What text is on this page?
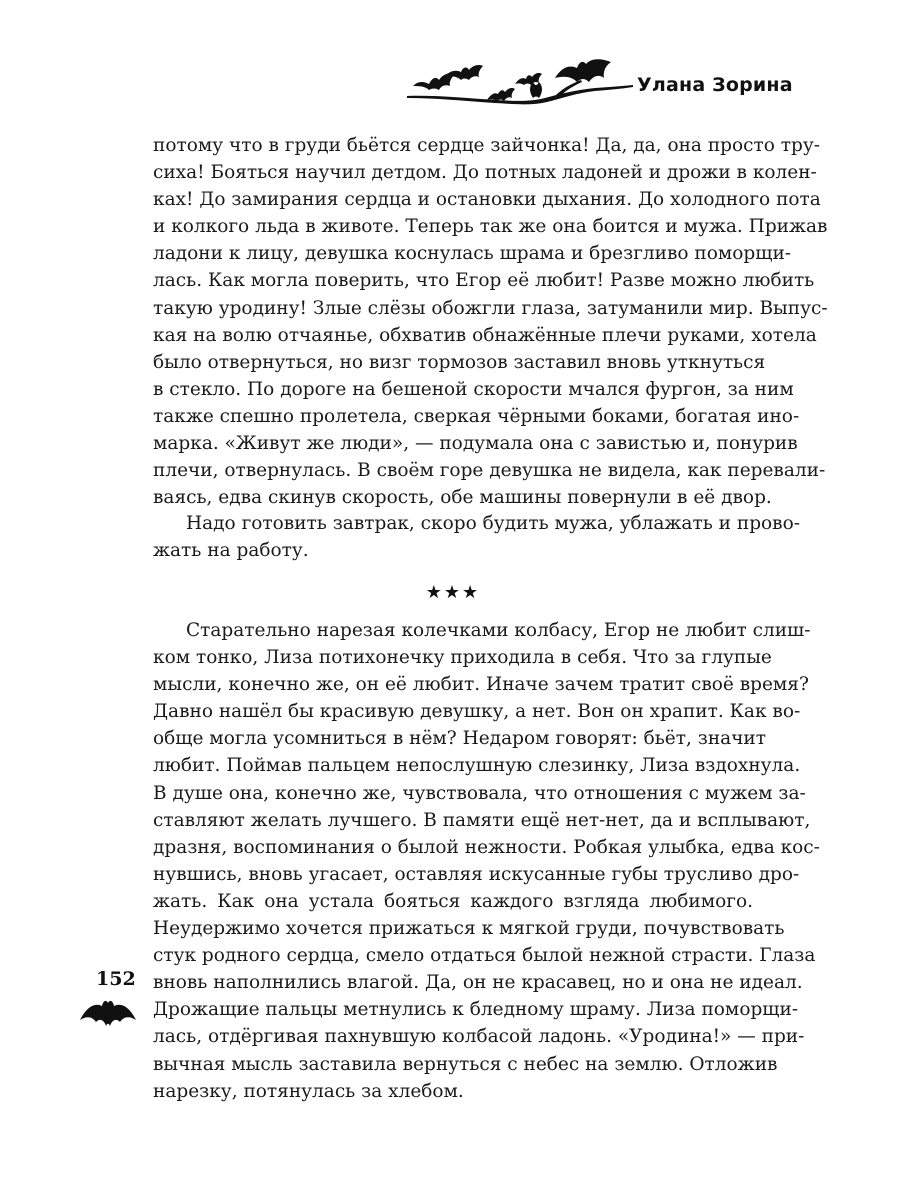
Улана Зорина
потому что в груди бьётся сердце зайчонка! Да, да, она просто тру-
сиха! Бояться научил детдом. До потных ладоней и дрожи в колен-
ках! До замирания сердца и остановки дыхания. До холодного пота
и колкого льда в животе. Теперь так же она боится и мужа. Прижав
ладони к лицу, девушка коснулась шрама и брезгливо поморщи-
лась. Как могла поверить, что Егор её любит! Разве можно любить
такую уродину! Злые слёзы обожгли глаза, затуманили мир. Выпус-
кая на волю отчаянье, обхватив обнажённые плечи руками, хотела
было отвернуться, но визг тормозов заставил вновь уткнуться
в стекло. По дороге на бешеной скорости мчался фургон, за ним
также спешно пролетела, сверкая чёрными боками, богатая ино-
марка. «Живут же люди», — подумала она с завистью и, понурив
плечи, отвернулась. В своём горе девушка не видела, как перевали-
ваясь, едва скинув скорость, обе машины повернули в её двор.
Надо готовить завтрак, скоро будить мужа, ублажать и прово-
жать на работу.
★★★
Старательно нарезая колечками колбасу, Егор не любит слиш-
ком тонко, Лиза потихонечку приходила в себя. Что за глупые
мысли, конечно же, он её любит. Иначе зачем тратит своё время?
Давно нашёл бы красивую девушку, а нет. Вон он храпит. Как во-
обще могла усомниться в нём? Недаром говорят: бьёт, значит
любит. Поймав пальцем непослушную слезинку, Лиза вздохнула.
В душе она, конечно же, чувствовала, что отношения с мужем за-
ставляют желать лучшего. В памяти ещё нет-нет, да и всплывают,
дразня, воспоминания о былой нежности. Робкая улыбка, едва кос-
нувшись, вновь угасает, оставляя искусанные губы трусливо дро-
жать. Как она устала бояться каждого взгляда любимого.
Неудержимо хочется прижаться к мягкой груди, почувствовать
стук родного сердца, смело отдаться былой нежной страсти. Глаза
вновь наполнились влагой. Да, он не красавец, но и она не идеал.
Дрожащие пальцы метнулись к бледному шраму. Лиза поморщи-
лась, отдёргивая пахнувшую колбасой ладонь. «Уродина!» — при-
вычная мысль заставила вернуться с небес на землю. Отложив
нарезку, потянулась за хлебом.
152
